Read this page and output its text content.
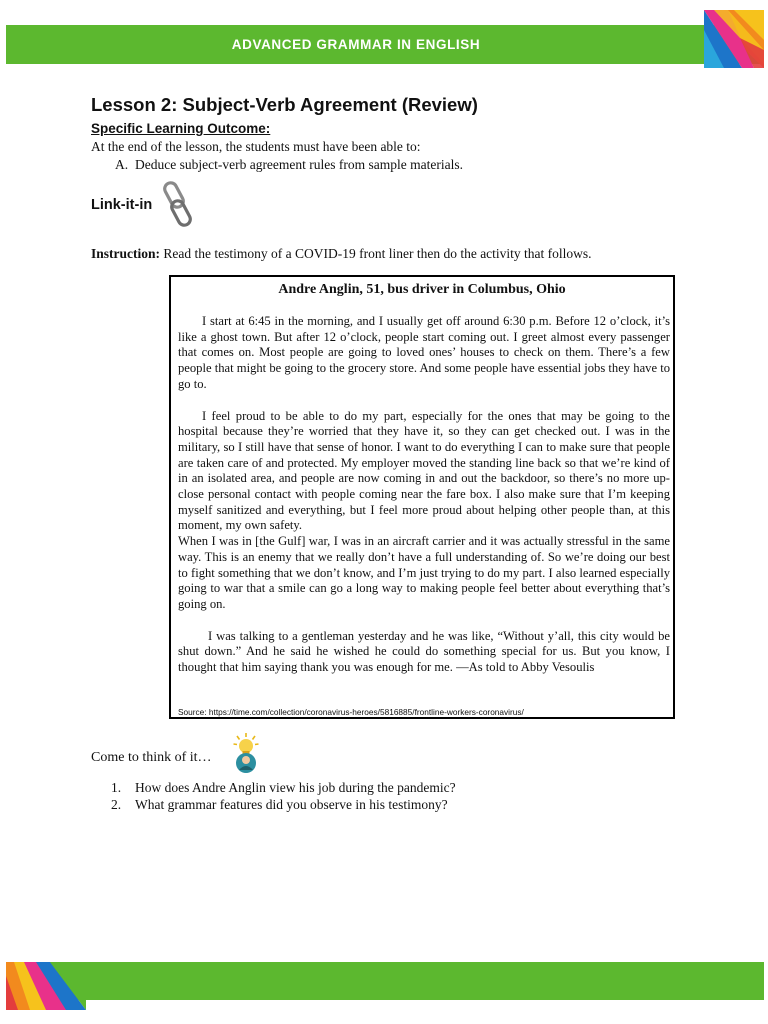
ADVANCED GRAMMAR IN ENGLISH
Lesson 2: Subject-Verb Agreement (Review)
Specific Learning Outcome:
At the end of the lesson, the students must have been able to:
A. Deduce subject-verb agreement rules from sample materials.
Link-it-in
Instruction: Read the testimony of a COVID-19 front liner then do the activity that follows.
Andre Anglin, 51, bus driver in Columbus, Ohio

I start at 6:45 in the morning, and I usually get off around 6:30 p.m. Before 12 o’clock, it’s like a ghost town. But after 12 o’clock, people start coming out. I greet almost every passenger that comes on. Most people are going to loved ones’ houses to check on them. There’s a few people that might be going to the grocery store. And some people have essential jobs they have to go to.

I feel proud to be able to do my part, especially for the ones that may be going to the hospital because they’re worried that they have it, so they can get checked out. I was in the military, so I still have that sense of honor. I want to do everything I can to make sure that people are taken care of and protected. My employer moved the standing line back so that we’re kind of in an isolated area, and people are now coming in and out the backdoor, so there’s no more up-close personal contact with people coming near the fare box. I also make sure that I’m keeping myself sanitized and everything, but I feel more proud about helping other people than, at this moment, my own safety.

When I was in [the Gulf] war, I was in an aircraft carrier and it was actually stressful in the same way. This is an enemy that we really don’t have a full understanding of. So we’re doing our best to fight something that we don’t know, and I’m just trying to do my part. I also learned especially going to war that a smile can go a long way to making people feel better about everything that’s going on.

I was talking to a gentleman yesterday and he was like, “Without y’all, this city would be shut down.” And he said he wished he could do something special for us. But you know, I thought that him saying thank you was enough for me. —As told to Abby Vesoulis

Source: https://time.com/collection/coronavirus-heroes/5816885/frontline-workers-coronavirus/
Come to think of it…
1. How does Andre Anglin view his job during the pandemic?
2. What grammar features did you observe in his testimony?
